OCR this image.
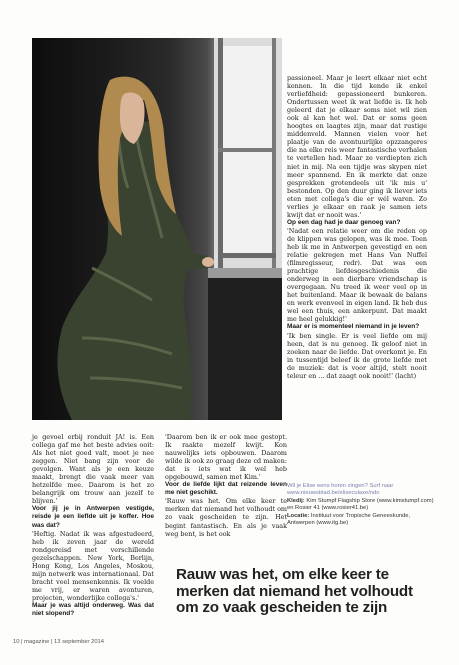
passioneel. Maar je leert elkaar niet echt kennen. In die tijd kende ik enkel verliefdheid: gepassioneerd bunkeren. Ondertussen weet ik wat liefde is. Ik heb geleerd dat je elkaar soms niet wil zien ook al kan het wel. Dat er soms geen hoogtes en laagtes zijn, maar dat rustige middenveld. Mannen vielen voor het plaatje van de avontuurlijke opzzangeres die na elke reis weer fantastische verhalen te vertellen had. Maar ze verdiepten zich niet in mij. Na een tijdje was skypen niet meer spannend. En ik merkte dat onze gesprekken grotendeels uit 'ik mis u' bestonden. Op den duur ging ik liever iets eten met collega's die er wél waren. Zo verlies je elkaar en raak je samen iets kwijt dat er nooit was.'

Op een dag had je daar genoeg van?

'Nadat een relatie weer om die reden op de klippen was gelopen, was ik moe. Toen heb ik me in Antwerpen gevestigd en een relatie gekregen met Hans Van Nuffel (filmregisseur, redr). Dat was een prachtige liefdesgeschiedenis die onderweg in een dierbare vriendschap is overgegaan. Nu treed ik weer veel op in het buitenland. Maar ik bewaak de balans en werk evenveel in eigen land. Ik heb dus wel een thuis, een ankerpunt. Dat maakt me heel gelukkig!'

Maar er is momenteel niemand in je leven?

'Ik ben single. Er is veel liefde om mij heen, dat is nu genoeg. Ik geloof niet in zoeken naar de liefde. Dat overkomt je. En in tussentijd beleef ik de grote liefde met de muziek: dat is voor altijd, stelt nooit teleur en ... dat zaagt ook nooit!' (lacht)

je gevoel erbij ronduit JA! is. Een collega gaf me het beste advies ooit: Als het niet goed valt, moet je nee zeggen. Niet bang zijn voor de gevolgen. Want als je een keuze maakt, brengt die vaak meer van hetzelfde mee. Daarom is het zo belangrijk om trouw aan jezelf te blijven.'

Voor jij je in Antwerpen vestigde, reisde je een lieflde uit je koffer. Hoe was dat?

'Heftig. Nadat ik was afgestudeerd, heb ik zeven jaar de wereld rondgereisd met verschillende gezelschappen. New York, Berlijn, Hong Kong, Los Angeles, Moskou, mijn netwerk was internationaal. Dat bracht veel mensenkennis. Ik voelde me vrij, er waren avonturen, projecten, wonderlijke collega's.'

Maar je was altijd onderweg. Was dat niet slopend?

'Daarom ben ik er ook mee gestopt. Ik raakte mezelf kwijt. Kon nauwelijks iets opbouwen. Daarom wilde ik ook zo graag deze cd maken: dat is iets wat ik wel heb opgebouwd, samen met Kim.'

Voor de liefde lijkt dat reizende leven me niet geschikt.

'Rauw was het. Om elke keer te merken dat niemand het volhoudt om zo vaak gescheiden te zijn. Het begint fantastisch. En als je vaak weg bent, is het ook

Wil je Elise eens horen zingen? Surf naar www.nieuwsblad.be/eliseculaxe/ndo
Kledij: Kim Stumpf Flagship Store (www.kimstumpf.com)
en Rosier 41 (www.rosier41.be)
Locatie: Instituut voor Tropische Geneeskunde, Antwerpen (www.itg.be)

Rauw was het, om elke keer te

merken dat niemand het volhoudt

om zo vaak gescheiden te zijn

10 | magazine | 13 september 2014
